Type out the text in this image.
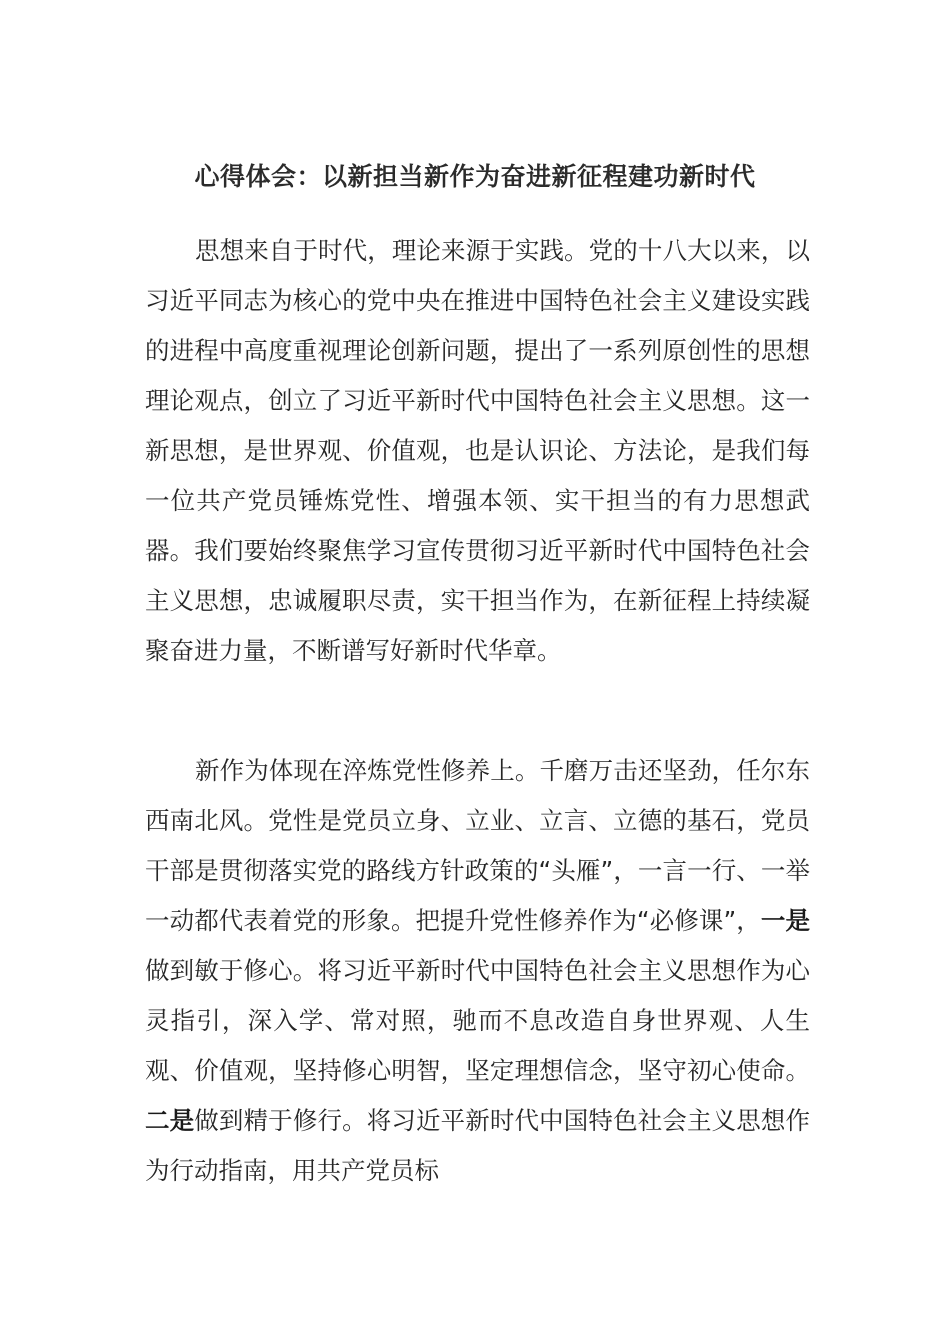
心得体会：以新担当新作为奋进新征程建功新时代

思想来自于时代，理论来源于实践。党的十八大以来，以习近平同志为核心的党中央在推进中国特色社会主义建设实践的进程中高度重视理论创新问题，提出了一系列原创性的思想理论观点，创立了习近平新时代中国特色社会主义思想。这一新思想，是世界观、价值观，也是认识论、方法论，是我们每一位共产党员锤炼党性、增强本领、实干担当的有力思想武器。我们要始终聚焦学习宣传贯彻习近平新时代中国特色社会主义思想，忠诚履职尽责，实干担当作为，在新征程上持续凝聚奋进力量，不断谱写好新时代华章。

新作为体现在淬炼党性修养上。千磨万击还坚劲，任尔东西南北风。党性是党员立身、立业、立言、立德的基石，党员干部是贯彻落实党的路线方针政策的“头雁”，一言一行、一举一动都代表着党的形象。把提升党性修养作为“必修课”，一是做到敏于修心。将习近平新时代中国特色社会主义思想作为心灵指引，深入学、常对照，驰而不息改造自身世界观、人生观、价值观，坚持修心明智，坚定理想信念，坚守初心使命。二是做到精于修行。将习近平新时代中国特色社会主义思想作为行动指南，用共产党员标
